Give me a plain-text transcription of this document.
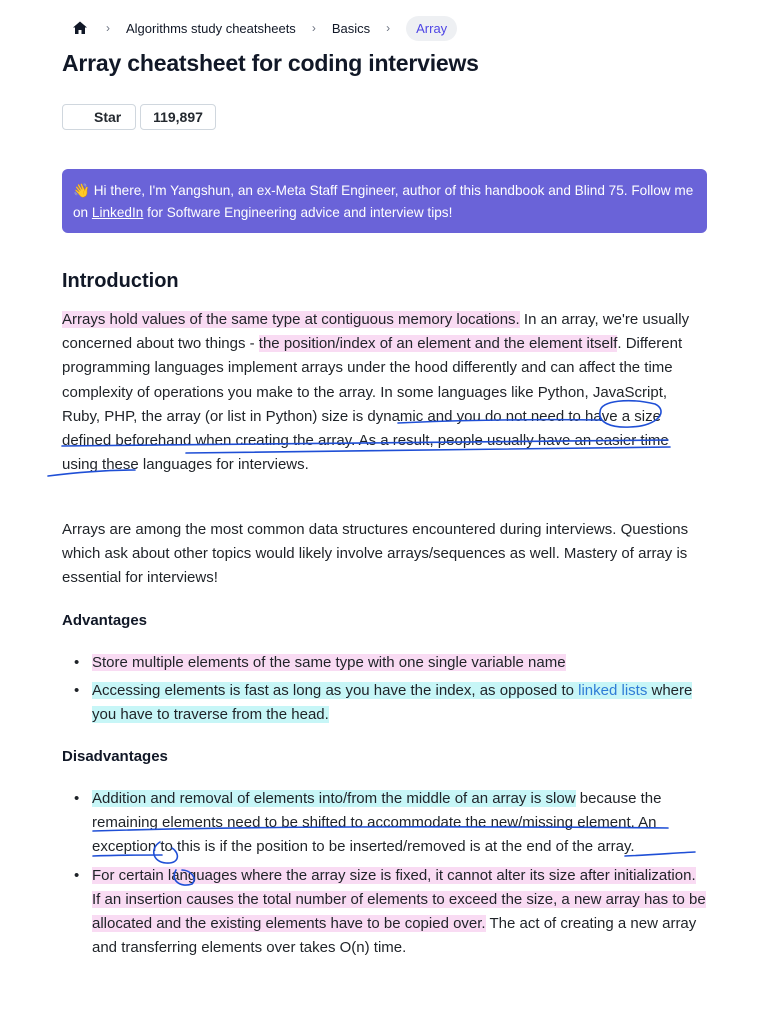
› Algorithms study cheatsheets › Basics ›	Array
Array cheatsheet for coding interviews
Star	119,897
👋 Hi there, I'm Yangshun, an ex-Meta Staff Engineer, author of this handbook and Blind 75. Follow me on LinkedIn for Software Engineering advice and interview tips!
Introduction

Arrays hold values of the same type at contiguous memory locations. In an array, we're usually concerned about two things - the position/index of an element and the element itself. Different programming languages implement arrays under the hood differently and can affect the time complexity of operations you make to the array. In some languages like Python, JavaScript, Ruby, PHP, the array (or list in Python) size is dynamic and you do not need to have a size defined beforehand when creating the array. As a result, people usually have an easier time using these languages for interviews.

Arrays are among the most common data structures encountered during interviews. Questions which ask about other topics would likely involve arrays/sequences as well. Mastery of array is essential for interviews!

Advantages
• Store multiple elements of the same type with one single variable name
• Accessing elements is fast as long as you have the index, as opposed to linked lists where you have to traverse from the head.
Disadvantages
• Addition and removal of elements into/from the middle of an array is slow because the remaining elements need to be shifted to accommodate the new/missing element. An exception to this is if the position to be inserted/removed is at the end of the array.
• For certain languages where the array size is fixed, it cannot alter its size after initialization. If an insertion causes the total number of elements to exceed the size, a new array has to be allocated and the existing elements have to be copied over. The act of creating a new array and transferring elements over takes O(n) time.
